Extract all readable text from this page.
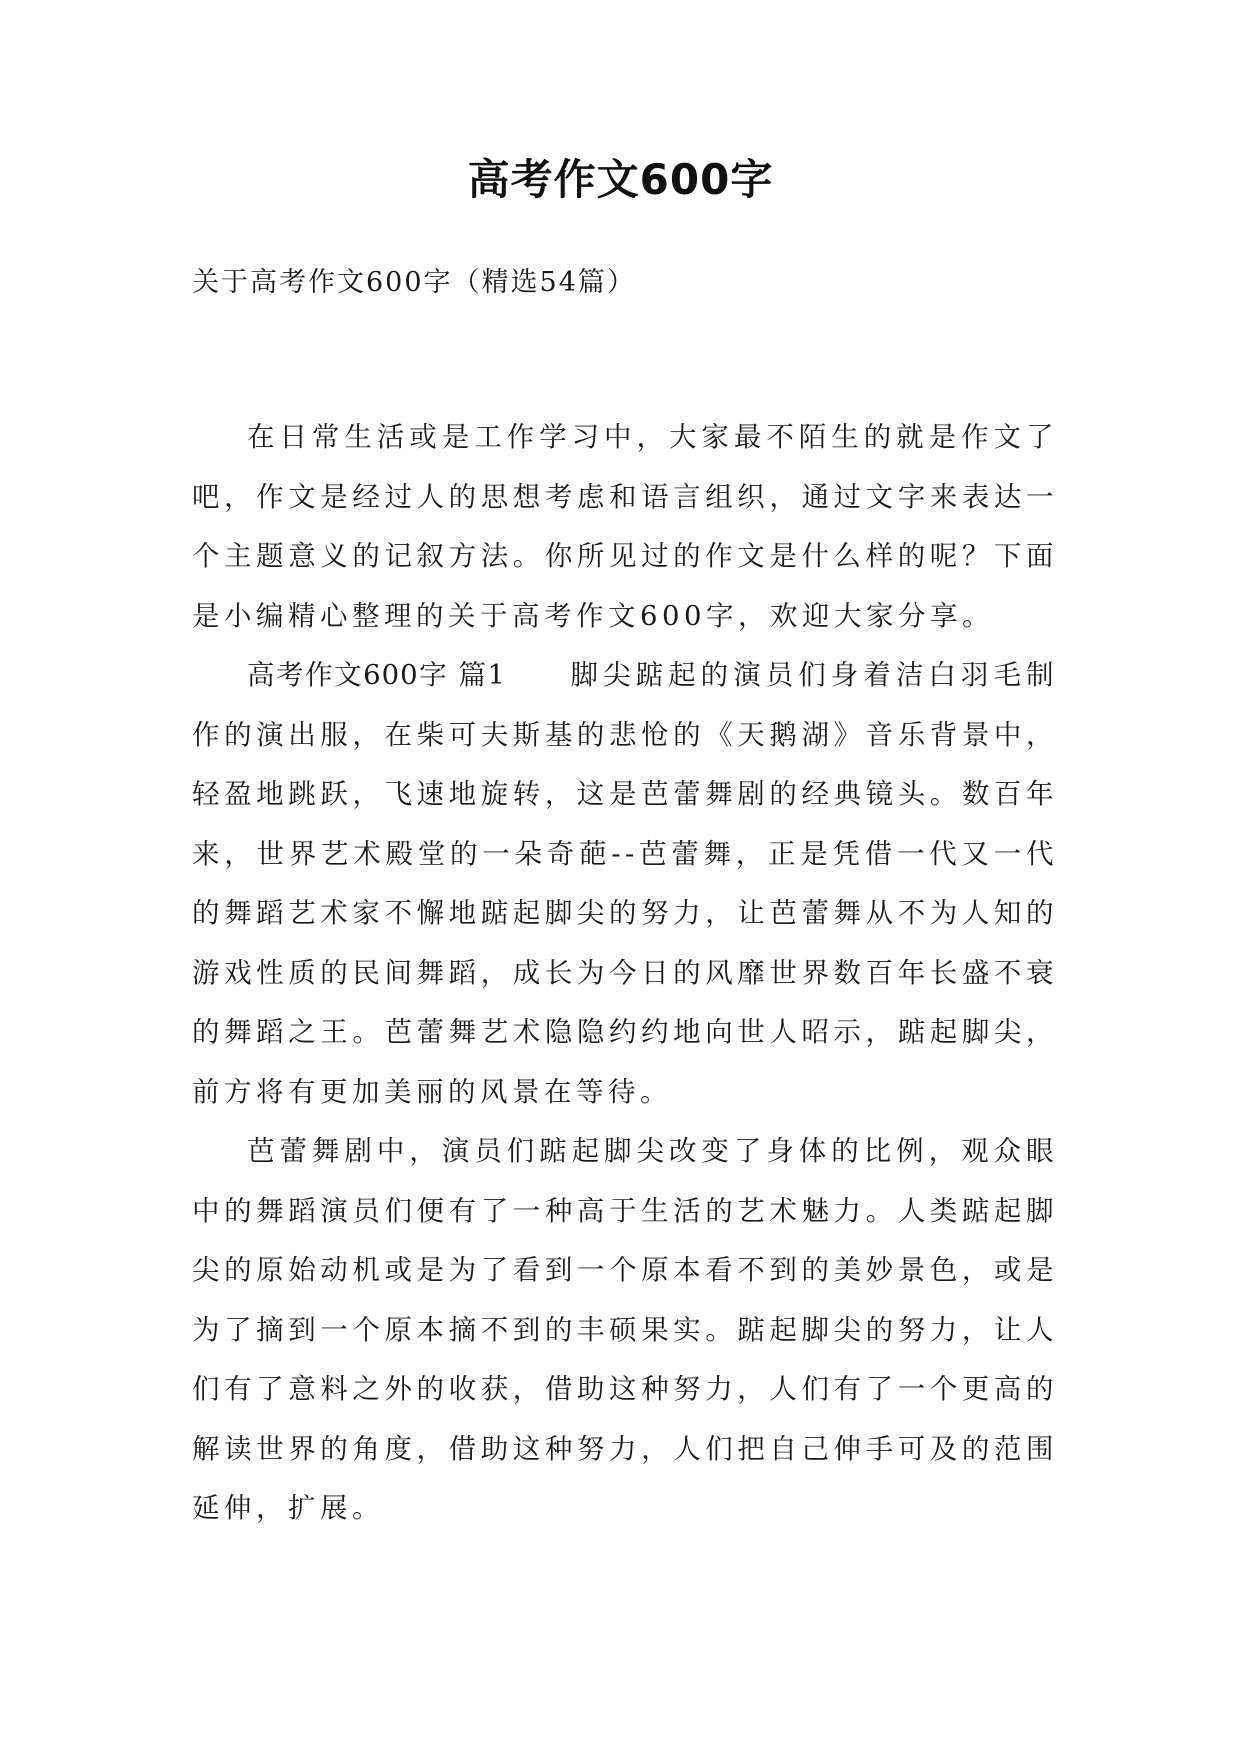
高考作文600字

关于高考作文600字（精选54篇）

在日常生活或是工作学习中，大家最不陌生的就是作文了吧，作文是经过人的思想考虑和语言组织，通过文字来表达一个主题意义的记叙方法。你所见过的作文是什么样的呢？下面是小编精心整理的关于高考作文600字，欢迎大家分享。

高考作文600字 篇1 脚尖踮起的演员们身着洁白羽毛制作的演出服，在柴可夫斯基的悲怆的《天鹅湖》音乐背景中，轻盈地跳跃，飞速地旋转，这是芭蕾舞剧的经典镜头。数百年来，世界艺术殿堂的一朵奇葩--芭蕾舞，正是凭借一代又一代的舞蹈艺术家不懈地踮起脚尖的努力，让芭蕾舞从不为人知的游戏性质的民间舞蹈，成长为今日的风靡世界数百年长盛不衰的舞蹈之王。芭蕾舞艺术隐隐约约地向世人昭示，踮起脚尖，前方将有更加美丽的风景在等待。

芭蕾舞剧中，演员们踮起脚尖改变了身体的比例，观众眼中的舞蹈演员们便有了一种高于生活的艺术魅力。人类踮起脚尖的原始动机或是为了看到一个原本看不到的美妙景色，或是为了摘到一个原本摘不到的丰硕果实。踮起脚尖的努力，让人们有了意料之外的收获，借助这种努力，人们有了一个更高的解读世界的角度，借助这种努力，人们把自己伸手可及的范围延伸，扩展。
